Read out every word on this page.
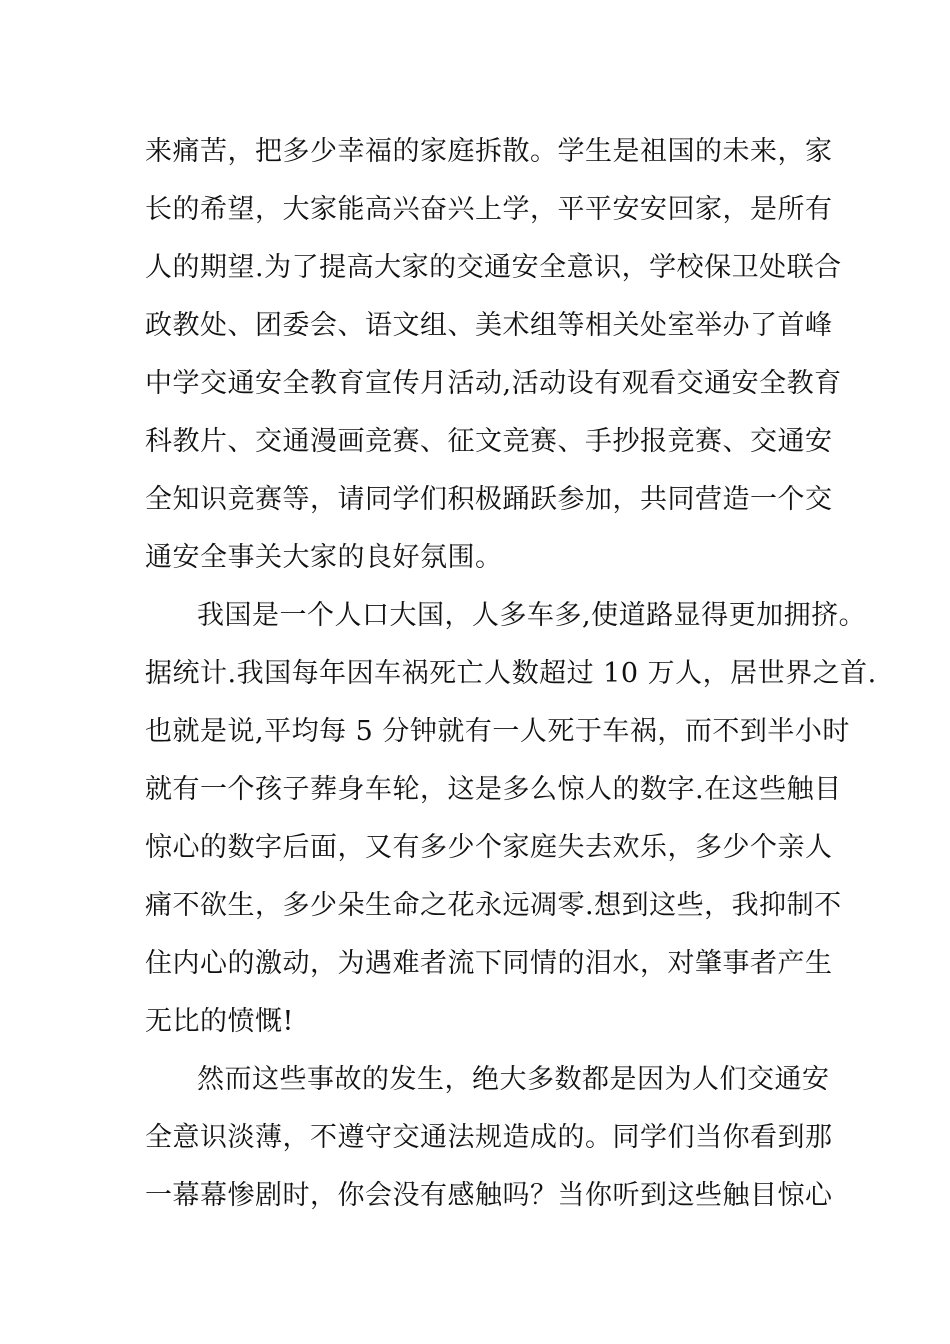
来痛苦，把多少幸福的家庭拆散。学生是祖国的未来，家
长的希望，大家能高兴奋兴上学，平平安安回家，是所有
人的期望.为了提高大家的交通安全意识，学校保卫处联合
政教处、团委会、语文组、美术组等相关处室举办了首峰
中学交通安全教育宣传月活动,活动设有观看交通安全教育
科教片、交通漫画竞赛、征文竞赛、手抄报竞赛、交通安
全知识竞赛等，请同学们积极踊跃参加，共同营造一个交
通安全事关大家的良好氛围。
我国是一个人口大国，人多车多,使道路显得更加拥挤。
据统计.我国每年因车祸死亡人数超过 10 万人，居世界之首.
也就是说,平均每 5 分钟就有一人死于车祸，而不到半小时
就有一个孩子葬身车轮，这是多么惊人的数字.在这些触目
惊心的数字后面，又有多少个家庭失去欢乐，多少个亲人
痛不欲生，多少朵生命之花永远凋零.想到这些，我抑制不
住内心的激动，为遇难者流下同情的泪水，对肇事者产生
无比的愤慨!
然而这些事故的发生，绝大多数都是因为人们交通安
全意识淡薄，不遵守交通法规造成的。同学们当你看到那
一幕幕惨剧时，你会没有感触吗？当你听到这些触目惊心
